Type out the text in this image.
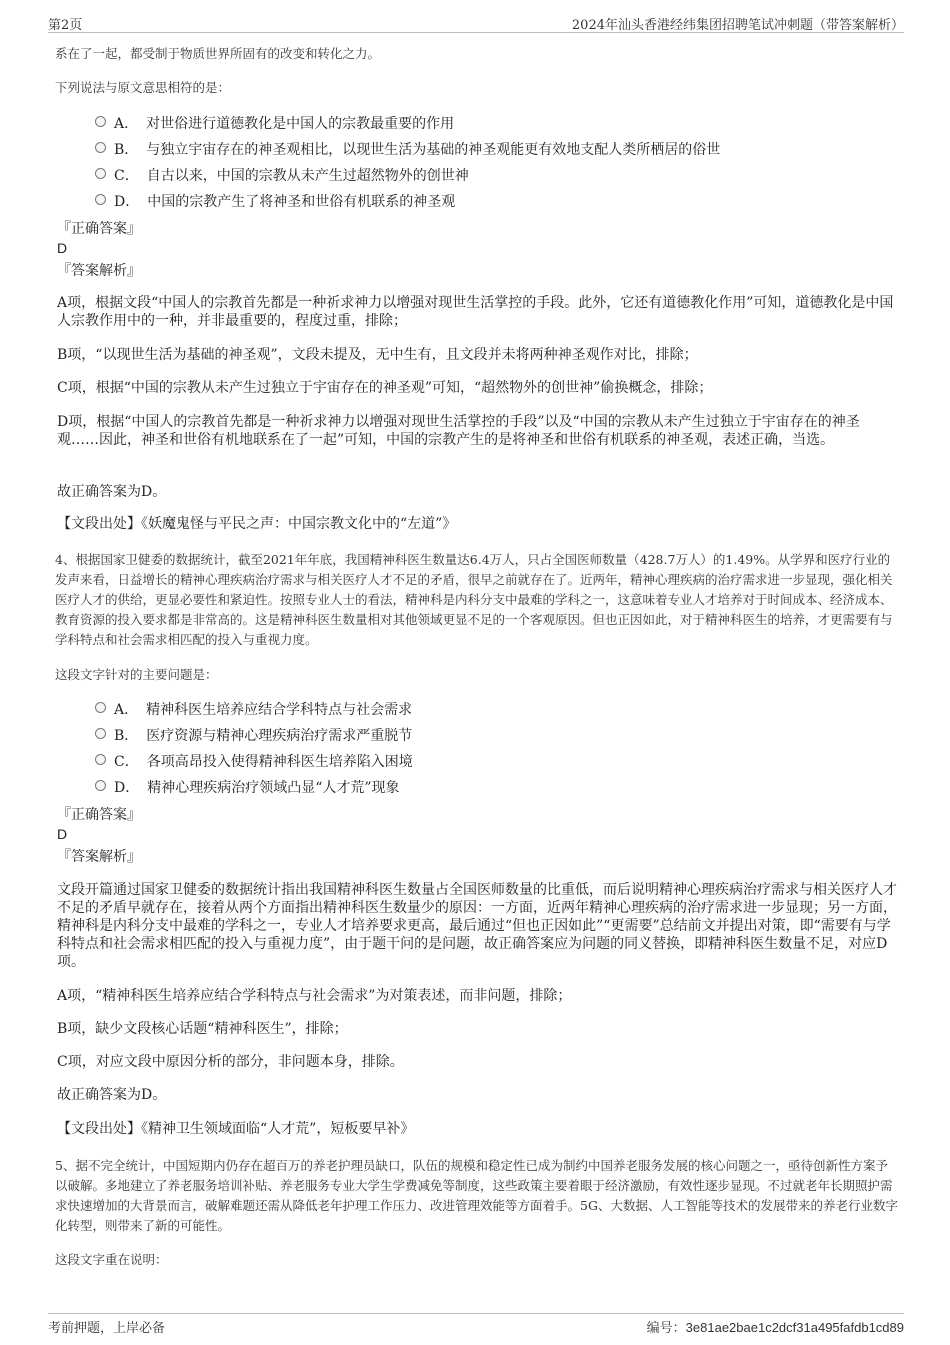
第2页	2024年汕头香港经纬集团招聘笔试冲刺题（带答案解析）
系在了一起，都受制于物质世界所固有的改变和转化之力。
下列说法与原文意思相符的是：
A． 对世俗进行道德教化是中国人的宗教最重要的作用
B． 与独立宇宙存在的神圣观相比，以现世生活为基础的神圣观能更有效地支配人类所栖居的俗世
C． 自古以来，中国的宗教从未产生过超然物外的创世神
D． 中国的宗教产生了将神圣和世俗有机联系的神圣观
『正确答案』
D
『答案解析』
A项，根据文段“中国人的宗教首先都是一种祈求神力以增强对现世生活掌控的手段。此外，它还有道德教化作用”可知，道德教化是中国人宗教作用中的一种，并非最重要的，程度过重，排除；
B项，“以现世生活为基础的神圣观”，文段未提及，无中生有，且文段并未将两种神圣观作对比，排除；
C项，根据“中国的宗教从未产生过独立于宇宙存在的神圣观”可知，“超然物外的创世神”偷换概念，排除；
D项，根据“中国人的宗教首先都是一种祈求神力以增强对现世生活掌控的手段”以及“中国的宗教从未产生过独立于宇宙存在的神圣观……因此，神圣和世俗有机地联系在了一起”可知，中国的宗教产生的是将神圣和世俗有机联系的神圣观，表述正确，当选。
故正确答案为D。
【文段出处】《妖魔鬼怪与平民之声：中国宗教文化中的“左道”》
4、根据国家卫健委的数据统计，截至2021年年底，我国精神科医生数量达6.4万人，只占全国医师数量（428.7万人）的1.49%。从学界和医疗行业的发声来看，日益增长的精神心理疾病治疗需求与相关医疗人才不足的矛盾，很早之前就存在了。近两年，精神心理疾病的治疗需求进一步显现，强化相关医疗人才的供给，更显必要性和紧迫性。按照专业人士的看法，精神科是内科分支中最难的学科之一，这意味着专业人才培养对于时间成本、经济成本、教育资源的投入要求都是非常高的。这是精神科医生数量相对其他领域更显不足的一个客观原因。但也正因如此，对于精神科医生的培养，才更需要有与学科特点和社会需求相匹配的投入与重视力度。
这段文字针对的主要问题是：
A． 精神科医生培养应结合学科特点与社会需求
B． 医疗资源与精神心理疾病治疗需求严重脱节
C． 各项高昂投入使得精神科医生培养陷入困境
D． 精神心理疾病治疗领域凸显“人才荒”现象
『正确答案』
D
『答案解析』
文段开篇通过国家卫健委的数据统计指出我国精神科医生数量占全国医师数量的比重低，而后说明精神心理疾病治疗需求与相关医疗人才不足的矛盾早就存在，接着从两个方面指出精神科医生数量少的原因：一方面，近两年精神心理疾病的治疗需求进一步显现；另一方面，精神科是内科分支中最难的学科之一，专业人才培养要求更高，最后通过“但也正因如此”“更需要”总结前文并提出对策，即“需要有与学科特点和社会需求相匹配的投入与重视力度”，由于题干问的是问题，故正确答案应为问题的同义替换，即精神科医生数量不足，对应D项。
A项，“精神科医生培养应结合学科特点与社会需求”为对策表述，而非问题，排除；
B项，缺少文段核心话题“精神科医生”，排除；
C项，对应文段中原因分析的部分，非问题本身，排除。
故正确答案为D。
【文段出处】《精神卫生领域面临“人才荒”，短板要早补》
5、据不完全统计，中国短期内仍存在超百万的养老护理员缺口，队伍的规模和稳定性已成为制约中国养老服务发展的核心问题之一，亟待创新性方案予以破解。多地建立了养老服务培训补贴、养老服务专业大学生学费减免等制度，这些政策主要着眼于经济激励，有效性逐步显现。不过就老年长期照护需求快速增加的大背景而言，破解难题还需从降低老年护理工作压力、改进管理效能等方面着手。5G、大数据、人工智能等技术的发展带来的养老行业数字化转型，则带来了新的可能性。
这段文字重在说明：
考前押题，上岸必备	编号：3e81ae2bae1c2dcf31a495fafdb1cd89
